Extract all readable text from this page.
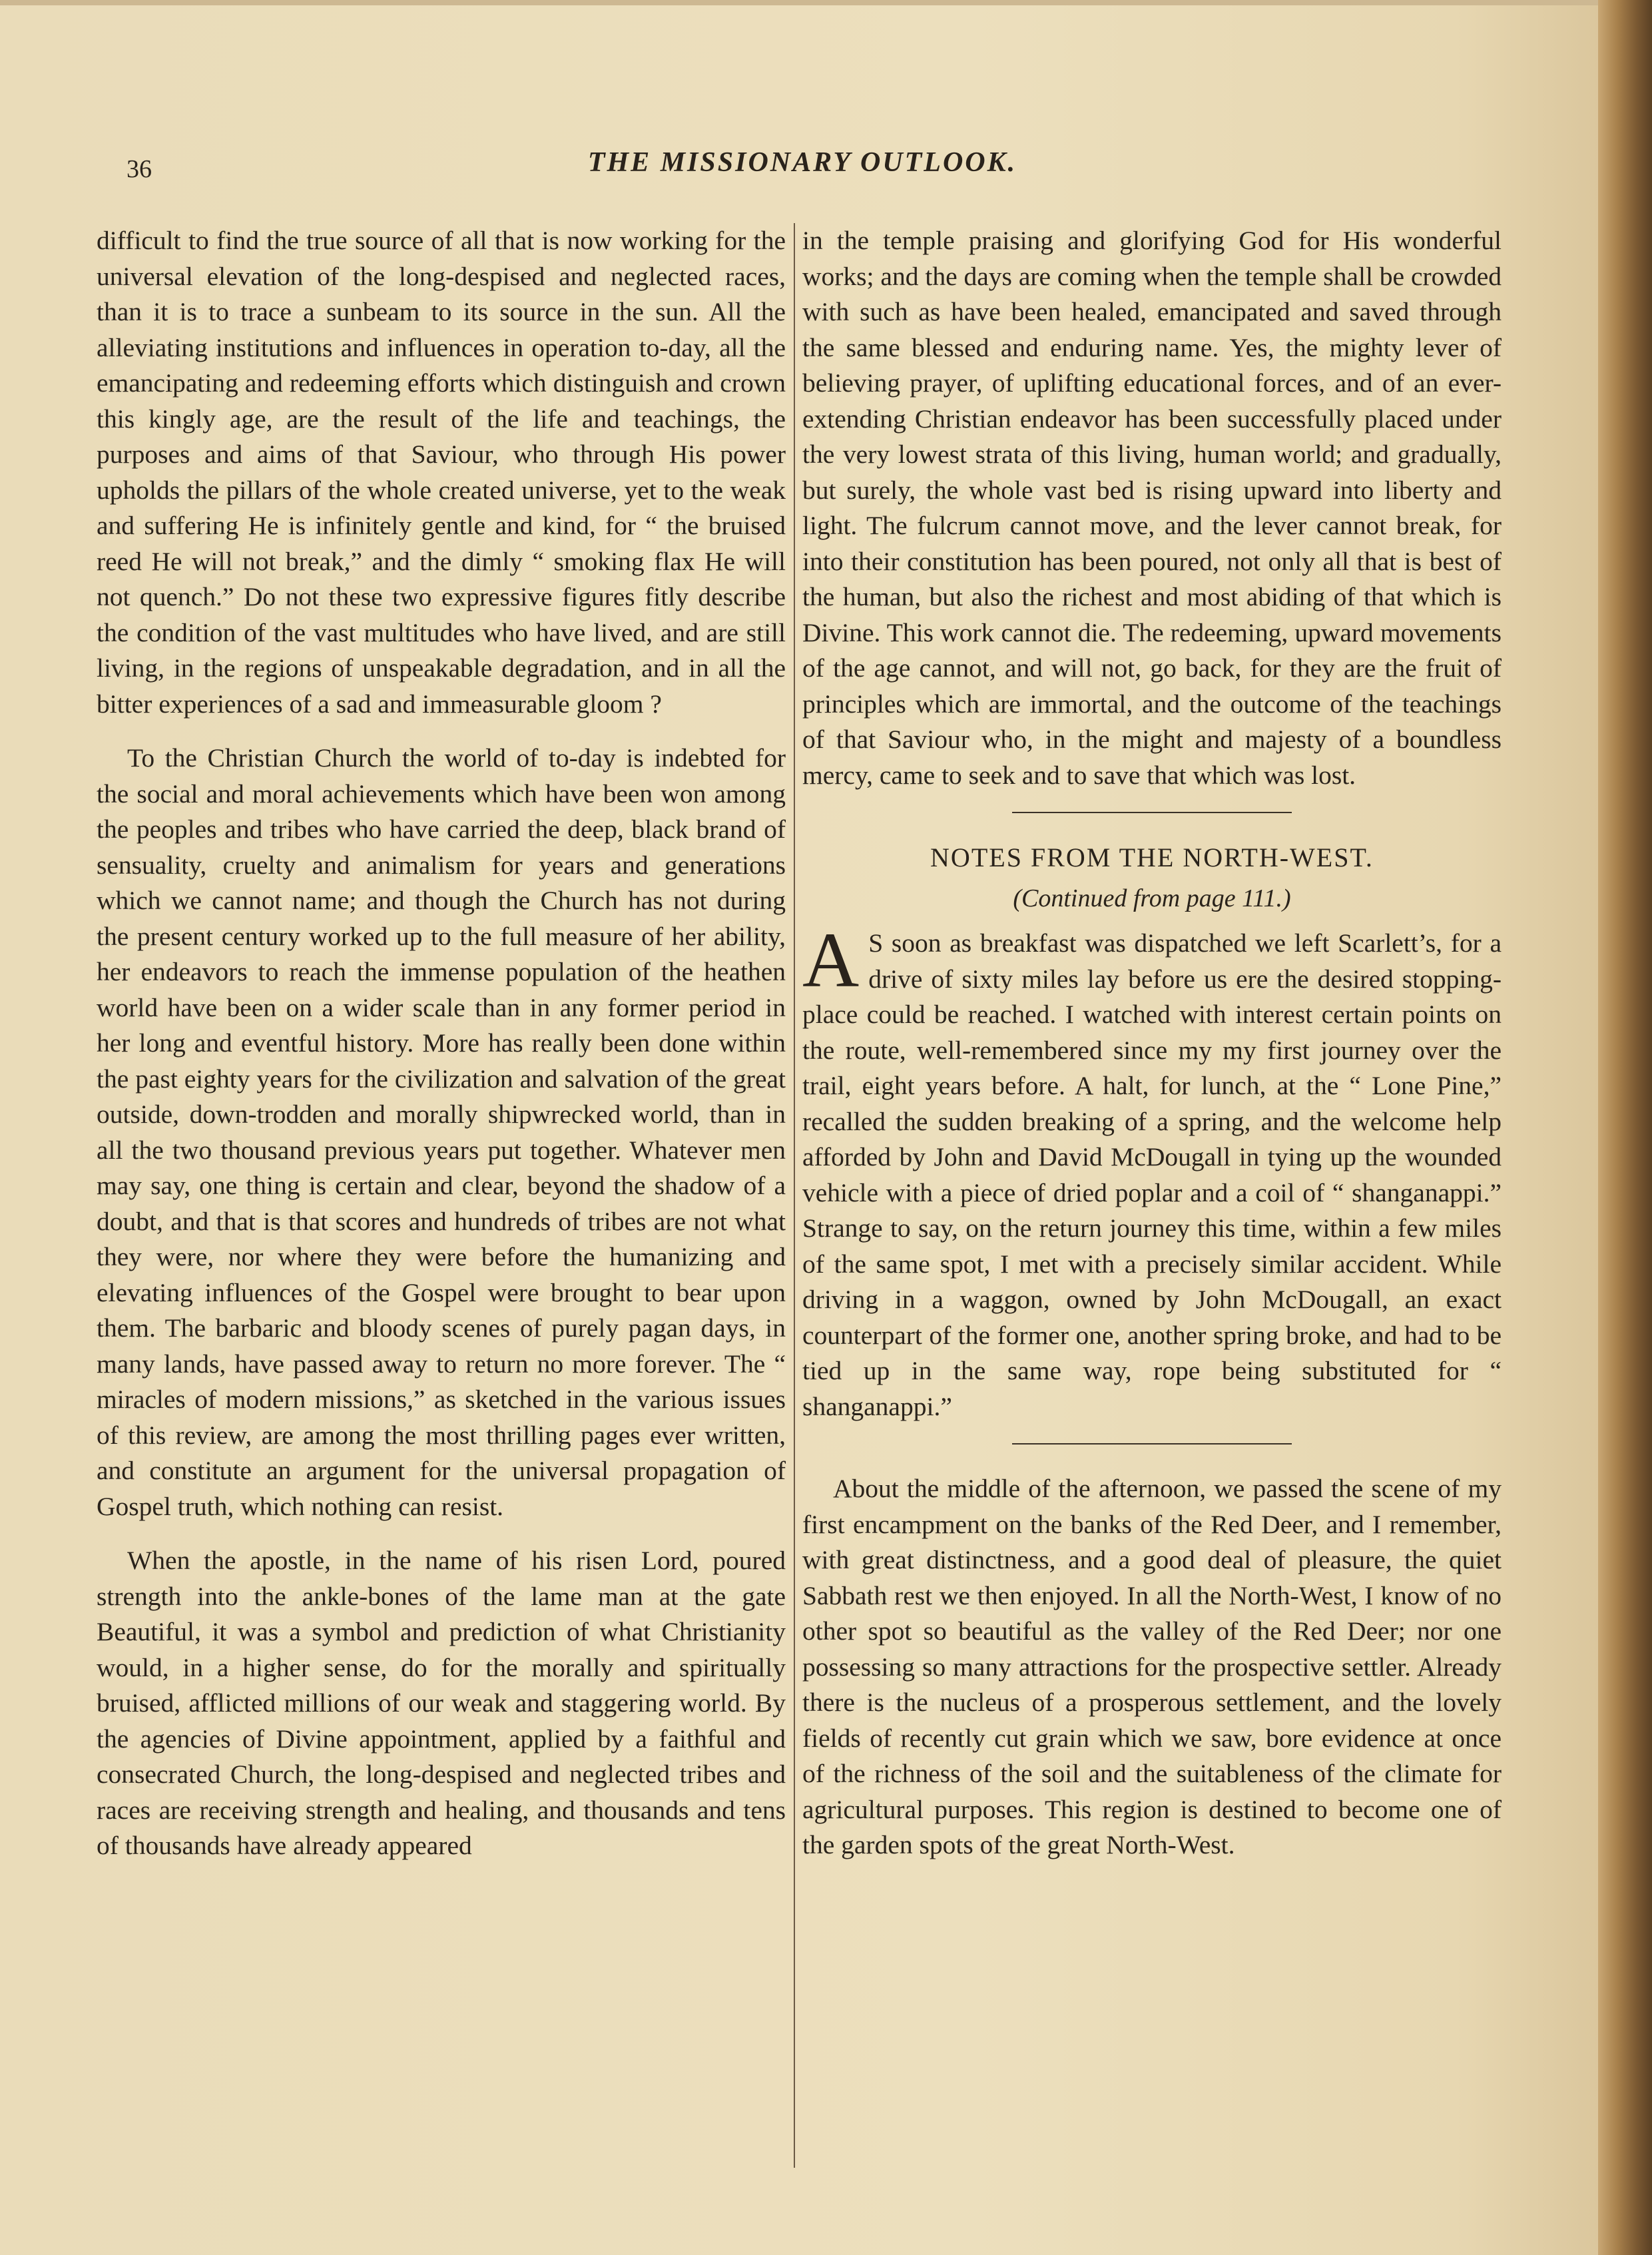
36	THE MISSIONARY OUTLOOK.

difficult to find the true source of all that is now working for the universal elevation of the long-despised and neglected races, than it is to trace a sunbeam to its source in the sun. All the alleviating institutions and influences in operation to-day, all the emancipating and redeeming efforts which distinguish and crown this kingly age, are the result of the life and teachings, the purposes and aims of that Saviour, who through His power upholds the pillars of the whole created universe, yet to the weak and suffering He is infinitely gentle and kind, for “ the bruised reed He will not break,” and the dimly “ smoking flax He will not quench.” Do not these two expressive figures fitly describe the condition of the vast multitudes who have lived, and are still living, in the regions of unspeakable degradation, and in all the bitter experiences of a sad and immeasurable gloom ?

To the Christian Church the world of to-day is indebted for the social and moral achievements which have been won among the peoples and tribes who have carried the deep, black brand of sensuality, cruelty and animalism for years and generations which we cannot name; and though the Church has not during the present century worked up to the full measure of her ability, her endeavors to reach the immense population of the heathen world have been on a wider scale than in any former period in her long and eventful history. More has really been done within the past eighty years for the civilization and salvation of the great outside, down-trodden and morally shipwrecked world, than in all the two thousand previous years put together. Whatever men may say, one thing is certain and clear, beyond the shadow of a doubt, and that is that scores and hundreds of tribes are not what they were, nor where they were before the humanizing and elevating influences of the Gospel were brought to bear upon them. The barbaric and bloody scenes of purely pagan days, in many lands, have passed away to return no more forever. The “ miracles of modern missions,” as sketched in the various issues of this review, are among the most thrilling pages ever written, and constitute an argument for the universal propagation of Gospel truth, which nothing can resist.

When the apostle, in the name of his risen Lord, poured strength into the ankle-bones of the lame man at the gate Beautiful, it was a symbol and prediction of what Christianity would, in a higher sense, do for the morally and spiritually bruised, afflicted millions of our weak and staggering world. By the agencies of Divine appointment, applied by a faithful and consecrated Church, the long-despised and neglected tribes and races are receiving strength and healing, and thousands and tens of thousands have already appeared

in the temple praising and glorifying God for His wonderful works; and the days are coming when the temple shall be crowded with such as have been healed, emancipated and saved through the same blessed and enduring name. Yes, the mighty lever of believing prayer, of uplifting educational forces, and of an ever-extending Christian endeavor has been successfully placed under the very lowest strata of this living, human world; and gradually, but surely, the whole vast bed is rising upward into liberty and light. The fulcrum cannot move, and the lever cannot break, for into their constitution has been poured, not only all that is best of the human, but also the richest and most abiding of that which is Divine. This work cannot die. The redeeming, upward movements of the age cannot, and will not, go back, for they are the fruit of principles which are immortal, and the outcome of the teachings of that Saviour who, in the might and majesty of a boundless mercy, came to seek and to save that which was lost.

NOTES FROM THE NORTH-WEST.
(Continued from page 111.)

A S soon as breakfast was dispatched we left Scarlett’s, for a drive of sixty miles lay before us ere the desired stopping-place could be reached. I watched with interest certain points on the route, well-remembered since my my first journey over the trail, eight years before. A halt, for lunch, at the “ Lone Pine,” recalled the sudden breaking of a spring, and the welcome help afforded by John and David McDougall in tying up the wounded vehicle with a piece of dried poplar and a coil of “ shanganappi.” Strange to say, on the return journey this time, within a few miles of the same spot, I met with a precisely similar accident. While driving in a waggon, owned by John McDougall, an exact counterpart of the former one, another spring broke, and had to be tied up in the same way, rope being substituted for “ shanganappi.”

About the middle of the afternoon, we passed the scene of my first encampment on the banks of the Red Deer, and I remember, with great distinctness, and a good deal of pleasure, the quiet Sabbath rest we then enjoyed. In all the North-West, I know of no other spot so beautiful as the valley of the Red Deer; nor one possessing so many attractions for the prospective settler. Already there is the nucleus of a prosperous settlement, and the lovely fields of recently cut grain which we saw, bore evidence at once of the richness of the soil and the suitableness of the climate for agricultural purposes. This region is destined to become one of the garden spots of the great North-West.
